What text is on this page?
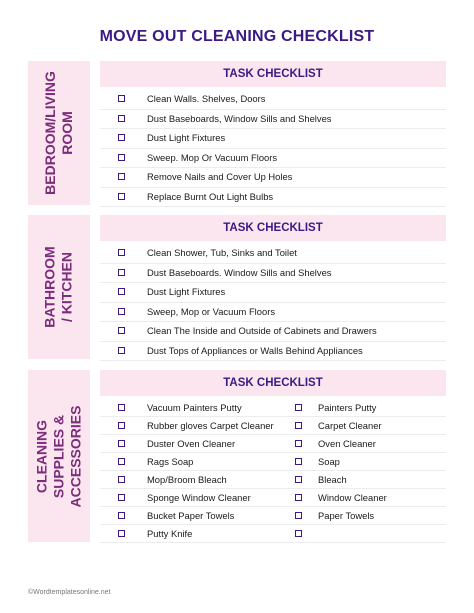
MOVE OUT CLEANING CHECKLIST
BEDROOM/LIVING ROOM
TASK CHECKLIST
Clean Walls. Shelves, Doors
Dust Baseboards, Window Sills and Shelves
Dust Light Fixtures
Sweep. Mop Or Vacuum Floors
Remove Nails and Cover Up Holes
Replace Burnt Out Light Bulbs
BATHROOM / KITCHEN
TASK CHECKLIST
Clean Shower, Tub, Sinks and Toilet
Dust Baseboards. Window Sills and Shelves
Dust Light Fixtures
Sweep, Mop or Vacuum Floors
Clean The Inside and Outside of Cabinets and Drawers
Dust Tops of Appliances or Walls Behind Appliances
CLEANING SUPPLIES & ACCESSORIES
TASK CHECKLIST
Vacuum Painters Putty	Painters Putty
Rubber gloves Carpet Cleaner	Carpet Cleaner
Duster Oven Cleaner	Oven Cleaner
Rags Soap	Soap
Mop/Broom Bleach	Bleach
Sponge Window Cleaner	Window Cleaner
Bucket Paper Towels	Paper Towels
Putty Knife
©Wordtemplatesonline.net
